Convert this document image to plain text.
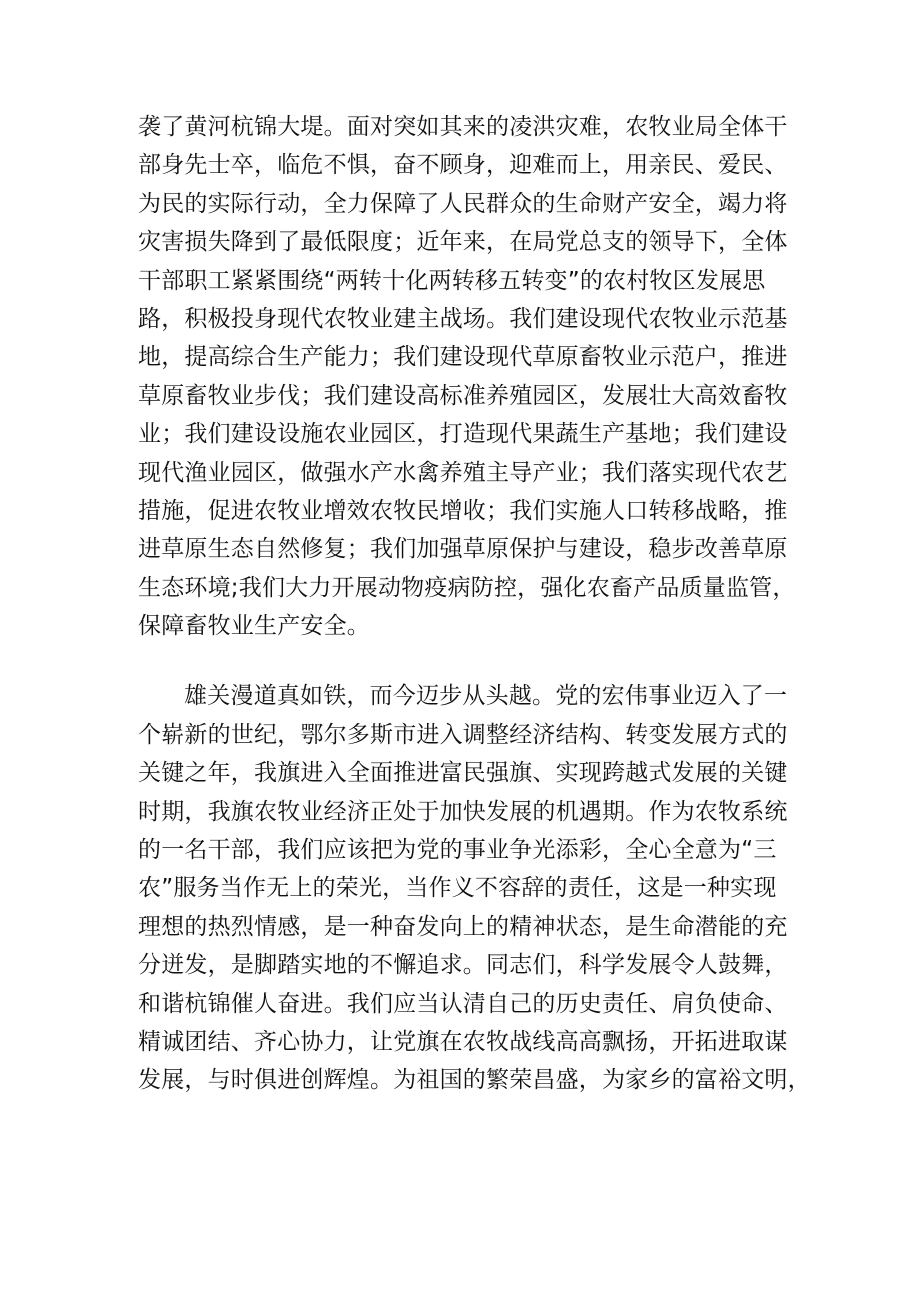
袭了黄河杭锦大堤。面对突如其来的凌洪灾难，农牧业局全体干
部身先士卒，临危不惧，奋不顾身，迎难而上，用亲民、爱民、
为民的实际行动，全力保障了人民群众的生命财产安全，竭力将
灾害损失降到了最低限度；近年来，在局党总支的领导下，全体
干部职工紧紧围绕“两转十化两转移五转变”的农村牧区发展思
路，积极投身现代农牧业建主战场。我们建设现代农牧业示范基
地，提高综合生产能力；我们建设现代草原畜牧业示范户，推进
草原畜牧业步伐；我们建设高标准养殖园区，发展壮大高效畜牧
业；我们建设设施农业园区，打造现代果蔬生产基地；我们建设
现代渔业园区，做强水产水禽养殖主导产业；我们落实现代农艺
措施，促进农牧业增效农牧民增收；我们实施人口转移战略，推
进草原生态自然修复；我们加强草原保护与建设，稳步改善草原
生态环境;我们大力开展动物疫病防控，强化农畜产品质量监管，
保障畜牧业生产安全。
雄关漫道真如铁，而今迈步从头越。党的宏伟事业迈入了一
个崭新的世纪，鄂尔多斯市进入调整经济结构、转变发展方式的
关键之年，我旗进入全面推进富民强旗、实现跨越式发展的关键
时期，我旗农牧业经济正处于加快发展的机遇期。作为农牧系统
的一名干部，我们应该把为党的事业争光添彩，全心全意为“三
农”服务当作无上的荣光，当作义不容辞的责任，这是一种实现
理想的热烈情感，是一种奋发向上的精神状态，是生命潜能的充
分迸发，是脚踏实地的不懈追求。同志们，科学发展令人鼓舞，
和谐杭锦催人奋进。我们应当认清自己的历史责任、肩负使命、
精诚团结、齐心协力，让党旗在农牧战线高高飘扬，开拓进取谋
发展，与时俱进创辉煌。为祖国的繁荣昌盛，为家乡的富裕文明，
